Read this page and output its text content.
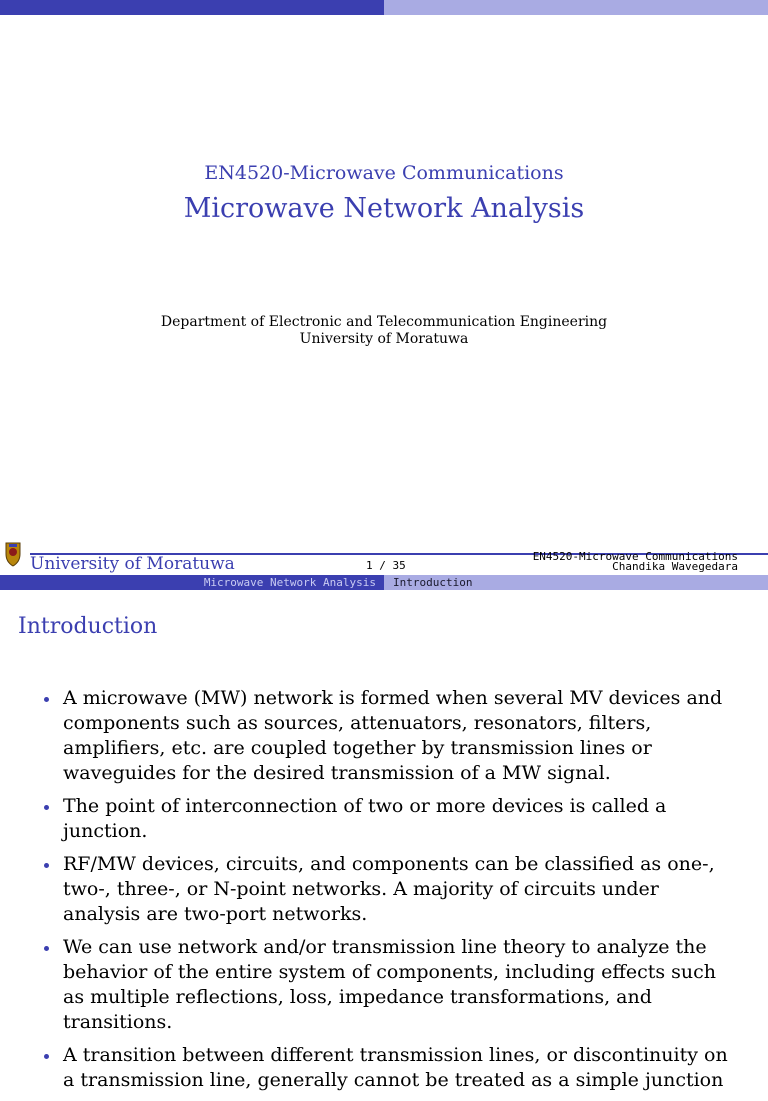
EN4520-Microwave Communications
Microwave Network Analysis
Department of Electronic and Telecommunication Engineering
University of Moratuwa
University of Moratuwa	1 / 35
EN4520-Microwave Communications
Chandika Wavegedara
Microwave Network Analysis Introduction
Introduction
A microwave (MW) network is formed when several MV devices and components such as sources, attenuators, resonators, filters, amplifiers, etc. are coupled together by transmission lines or waveguides for the desired transmission of a MW signal.
The point of interconnection of two or more devices is called a junction.
RF/MW devices, circuits, and components can be classified as one-, two-, three-, or N-point networks. A majority of circuits under analysis are two-port networks.
We can use network and/or transmission line theory to analyze the behavior of the entire system of components, including effects such as multiple reflections, loss, impedance transformations, and transitions.
A transition between different transmission lines, or discontinuity on a transmission line, generally cannot be treated as a simple junction
